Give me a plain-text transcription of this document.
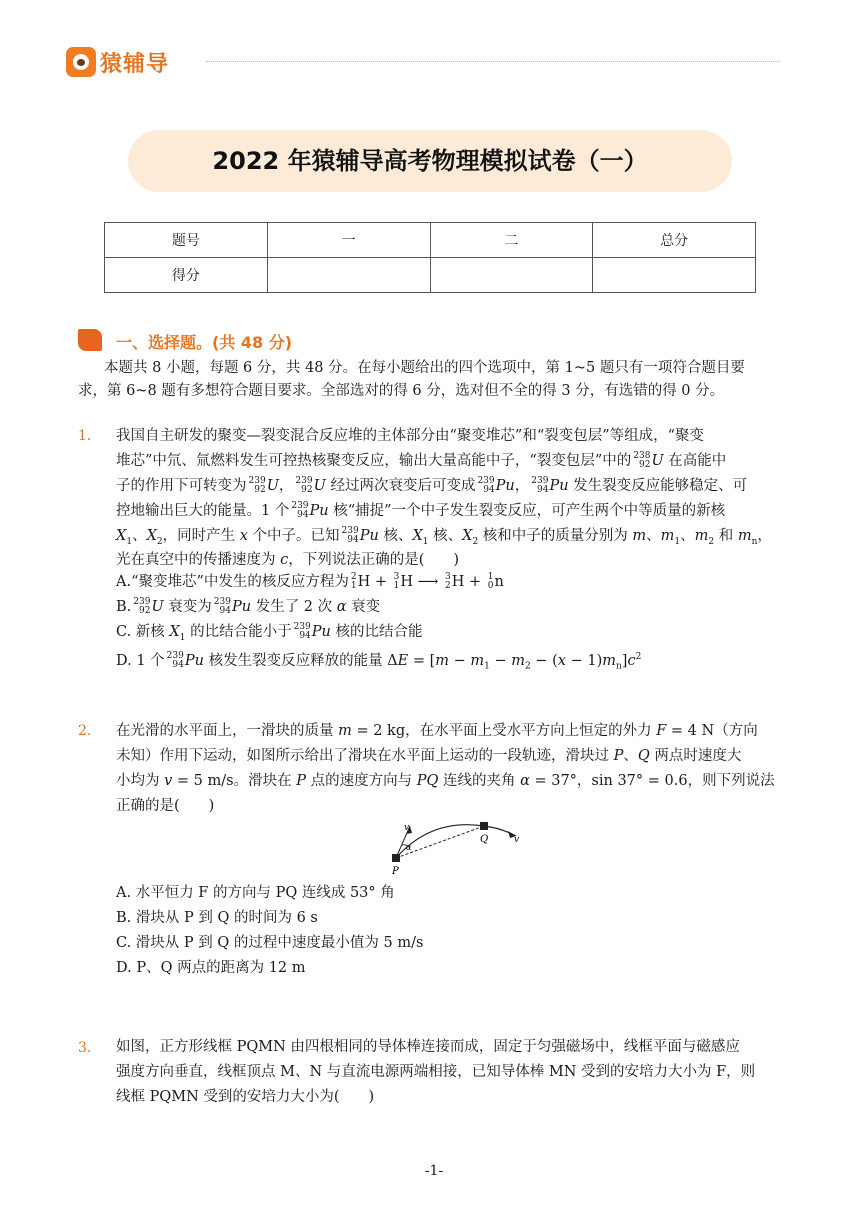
猿辅导
2022 年猿辅导高考物理模拟试卷（一）
题号	一	二	总分
得分			
一、选择题。(共 48 分)
本题共 8 小题，每题 6 分，共 48 分。在每小题给出的四个选项中，第 1~5 题只有一项符合题目要
求，第 6~8 题有多想符合题目要求。全部选对的得 6 分，选对但不全的得 3 分，有选错的得 0 分。
1. 我国自主研发的聚变—裂变混合反应堆的主体部分由“聚变堆芯”和“裂变包层”等组成，“聚变
堆芯”中氘、氚燃料发生可控热核聚变反应，输出大量高能中子，“裂变包层”中的 238
92U 在高能中
子的作用下可转变为 239
92U， 239
92U 经过两次衰变后可变成 239
94Pu， 239
94Pu 发生裂变反应能够稳定、可
控地输出巨大的能量。1 个 239
94Pu 核“捕捉”一个中子发生裂变反应，可产生两个中等质量的新核
$X_1$、$X_2$，同时产生 x 个中子。已知 239
94Pu 核、$X_1$ 核、$X_2$ 核和中子的质量分别为 m、$m_1$、$m_2$ 和 $m_n$，
光在真空中的传播速度为 c，下列说法正确的是(　　)
A.“聚变堆芯”中发生的核反应方程为 2
1H + 3
1H ⟶ 3
2H + 1
0n
B. 239
92U 衰变为 239
94Pu 发生了 2 次 α 衰变
C. 新核 $X_1$ 的比结合能小于 239
94Pu 核的比结合能
D. 1 个 239
94Pu 核发生裂变反应释放的能量 $\Delta E = [m - m_1 - m_2 - (x - 1)m_n]c^2$
2. 在光滑的水平面上，一滑块的质量 m = 2 kg，在水平面上受水平方向上恒定的外力 F = 4 N（方向
未知）作用下运动，如图所示给出了滑块在水平面上运动的一段轨迹，滑块过 P、Q 两点时速度大
小均为 v = 5 m/s。滑块在 P 点的速度方向与 PQ 连线的夹角 α = 37°，sin 37° = 0.6，则下列说法
正确的是(　　)
P
Q
v
v
α
A. 水平恒力 F 的方向与 PQ 连线成 53° 角
B. 滑块从 P 到 Q 的时间为 6 s
C. 滑块从 P 到 Q 的过程中速度最小值为 5 m/s
D. P、Q 两点的距离为 12 m
3. 如图，正方形线框 PQMN 由四根相同的导体棒连接而成，固定于匀强磁场中，线框平面与磁感应
强度方向垂直，线框顶点 M、N 与直流电源两端相接，已知导体棒 MN 受到的安培力大小为 F，则
线框 PQMN 受到的安培力大小为(　　)
-1-
